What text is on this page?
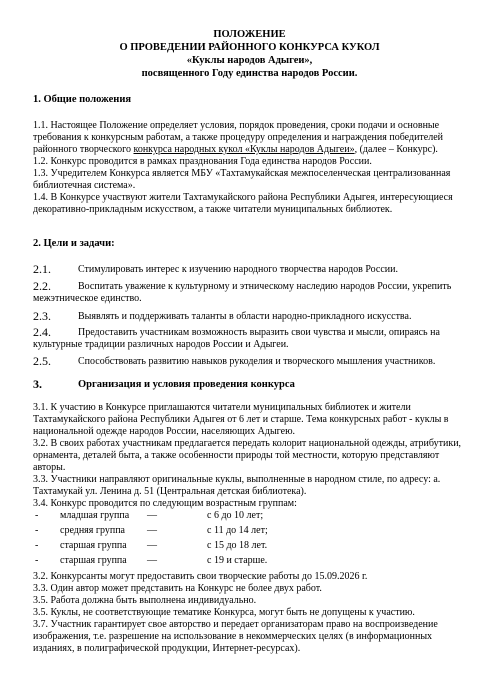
ПОЛОЖЕНИЕ
О ПРОВЕДЕНИИ РАЙОННОГО КОНКУРСА КУКОЛ
«Куклы народов Адыгеи»,
посвященного Году единства народов России.
1. Общие положения
1.1. Настоящее Положение определяет условия, порядок проведения, сроки подачи и основные требования к конкурсным работам, а также процедуру определения и награждения победителей районного творческого конкурса народных кукол «Куклы народов Адыгеи», (далее – Конкурс).
1.2. Конкурс проводится в рамках празднования Года единства народов России.
1.3. Учредителем Конкурса является МБУ «Тахтамукайская межпоселенческая централизованная библиотечная система».
1.4. В Конкурсе участвуют жители Тахтамукайского района Республики Адыгея, интересующиеся декоративно-прикладным искусством, а также читатели муниципальных библиотек.
2. Цели и задачи:
2.1.	Стимулировать интерес к изучению народного творчества народов России.
2.2.	Воспитать уважение к культурному и этническому наследию народов России, укрепить
межэтническое единство.
2.3.	Выявлять и поддерживать таланты в области народно-прикладного искусства.
2.4.	Предоставить участникам возможность выразить свои чувства и мысли, опираясь на
культурные традиции различных народов России и Адыгеи.
2.5.	Способствовать развитию навыков рукоделия и творческого мышления участников.
3.	Организация и условия проведения конкурса
3.1. К участию в Конкурсе приглашаются читатели муниципальных библиотек и жители Тахтамукайского района Республики Адыгея от 6 лет и старше. Тема конкурсных работ - куклы в национальной одежде народов России, населяющих Адыгею.
3.2. В своих работах участникам предлагается передать колорит национальной одежды, атрибутики, орнамента, деталей быта, а также особенности природы той местности, которую представляют авторы.
3.3. Участники направляют оригинальные куклы, выполненные в народном стиле, по адресу: а. Тахтамукай ул. Ленина д. 51 (Центральная детская библиотека).
3.4. Конкурс проводится по следующим возрастным группам:
- младшая группа —	с 6 до 10 лет;
- средняя группа —	с 11 до 14 лет;
- старшая группа —	с 15 до 18 лет.
- старшая группа —	с 19 и старше.
3.2. Конкурсанты могут предоставить свои творческие работы до 15.09.2026 г.
3.3. Один автор может представить на Конкурс не более двух работ.
3.5. Работа должна быть выполнена индивидуально.
3.5. Куклы, не соответствующие тематике Конкурса, могут быть не допущены к участию.
3.7. Участник гарантирует свое авторство и передает организаторам право на воспроизведение изображения, т.е. разрешение на использование в некоммерческих целях (в информационных изданиях, в полиграфической продукции, Интернет-ресурсах).
